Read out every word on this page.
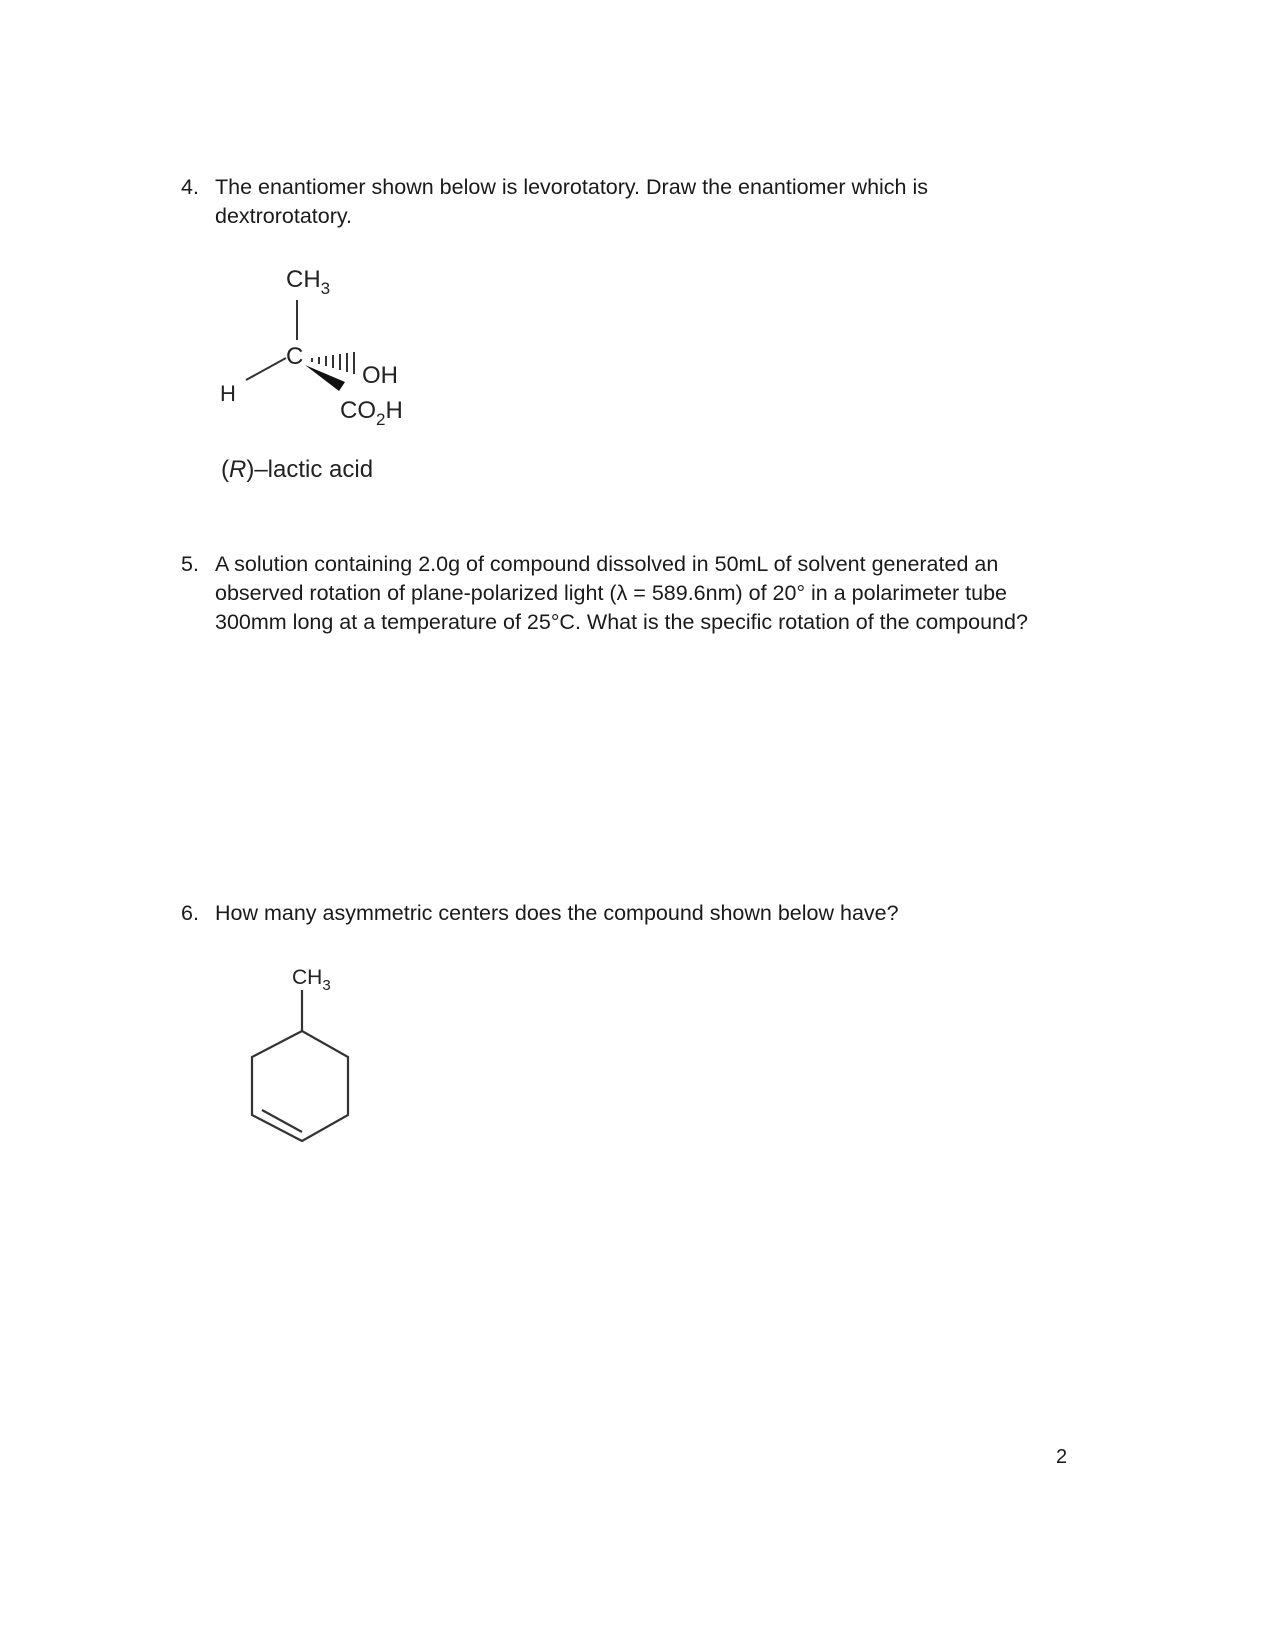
4. The enantiomer shown below is levorotatory. Draw the enantiomer which is
dextrorotatory.
$CH_3$
C
OH
H
$CO_2H$
(R)–lactic acid
5. A solution containing 2.0g of compound dissolved in 50mL of solvent generated an
observed rotation of plane-polarized light (λ = 589.6nm) of 20° in a polarimeter tube
300mm long at a temperature of 25°C. What is the specific rotation of the compound?
6. How many asymmetric centers does the compound shown below have?
$CH_3$
2
